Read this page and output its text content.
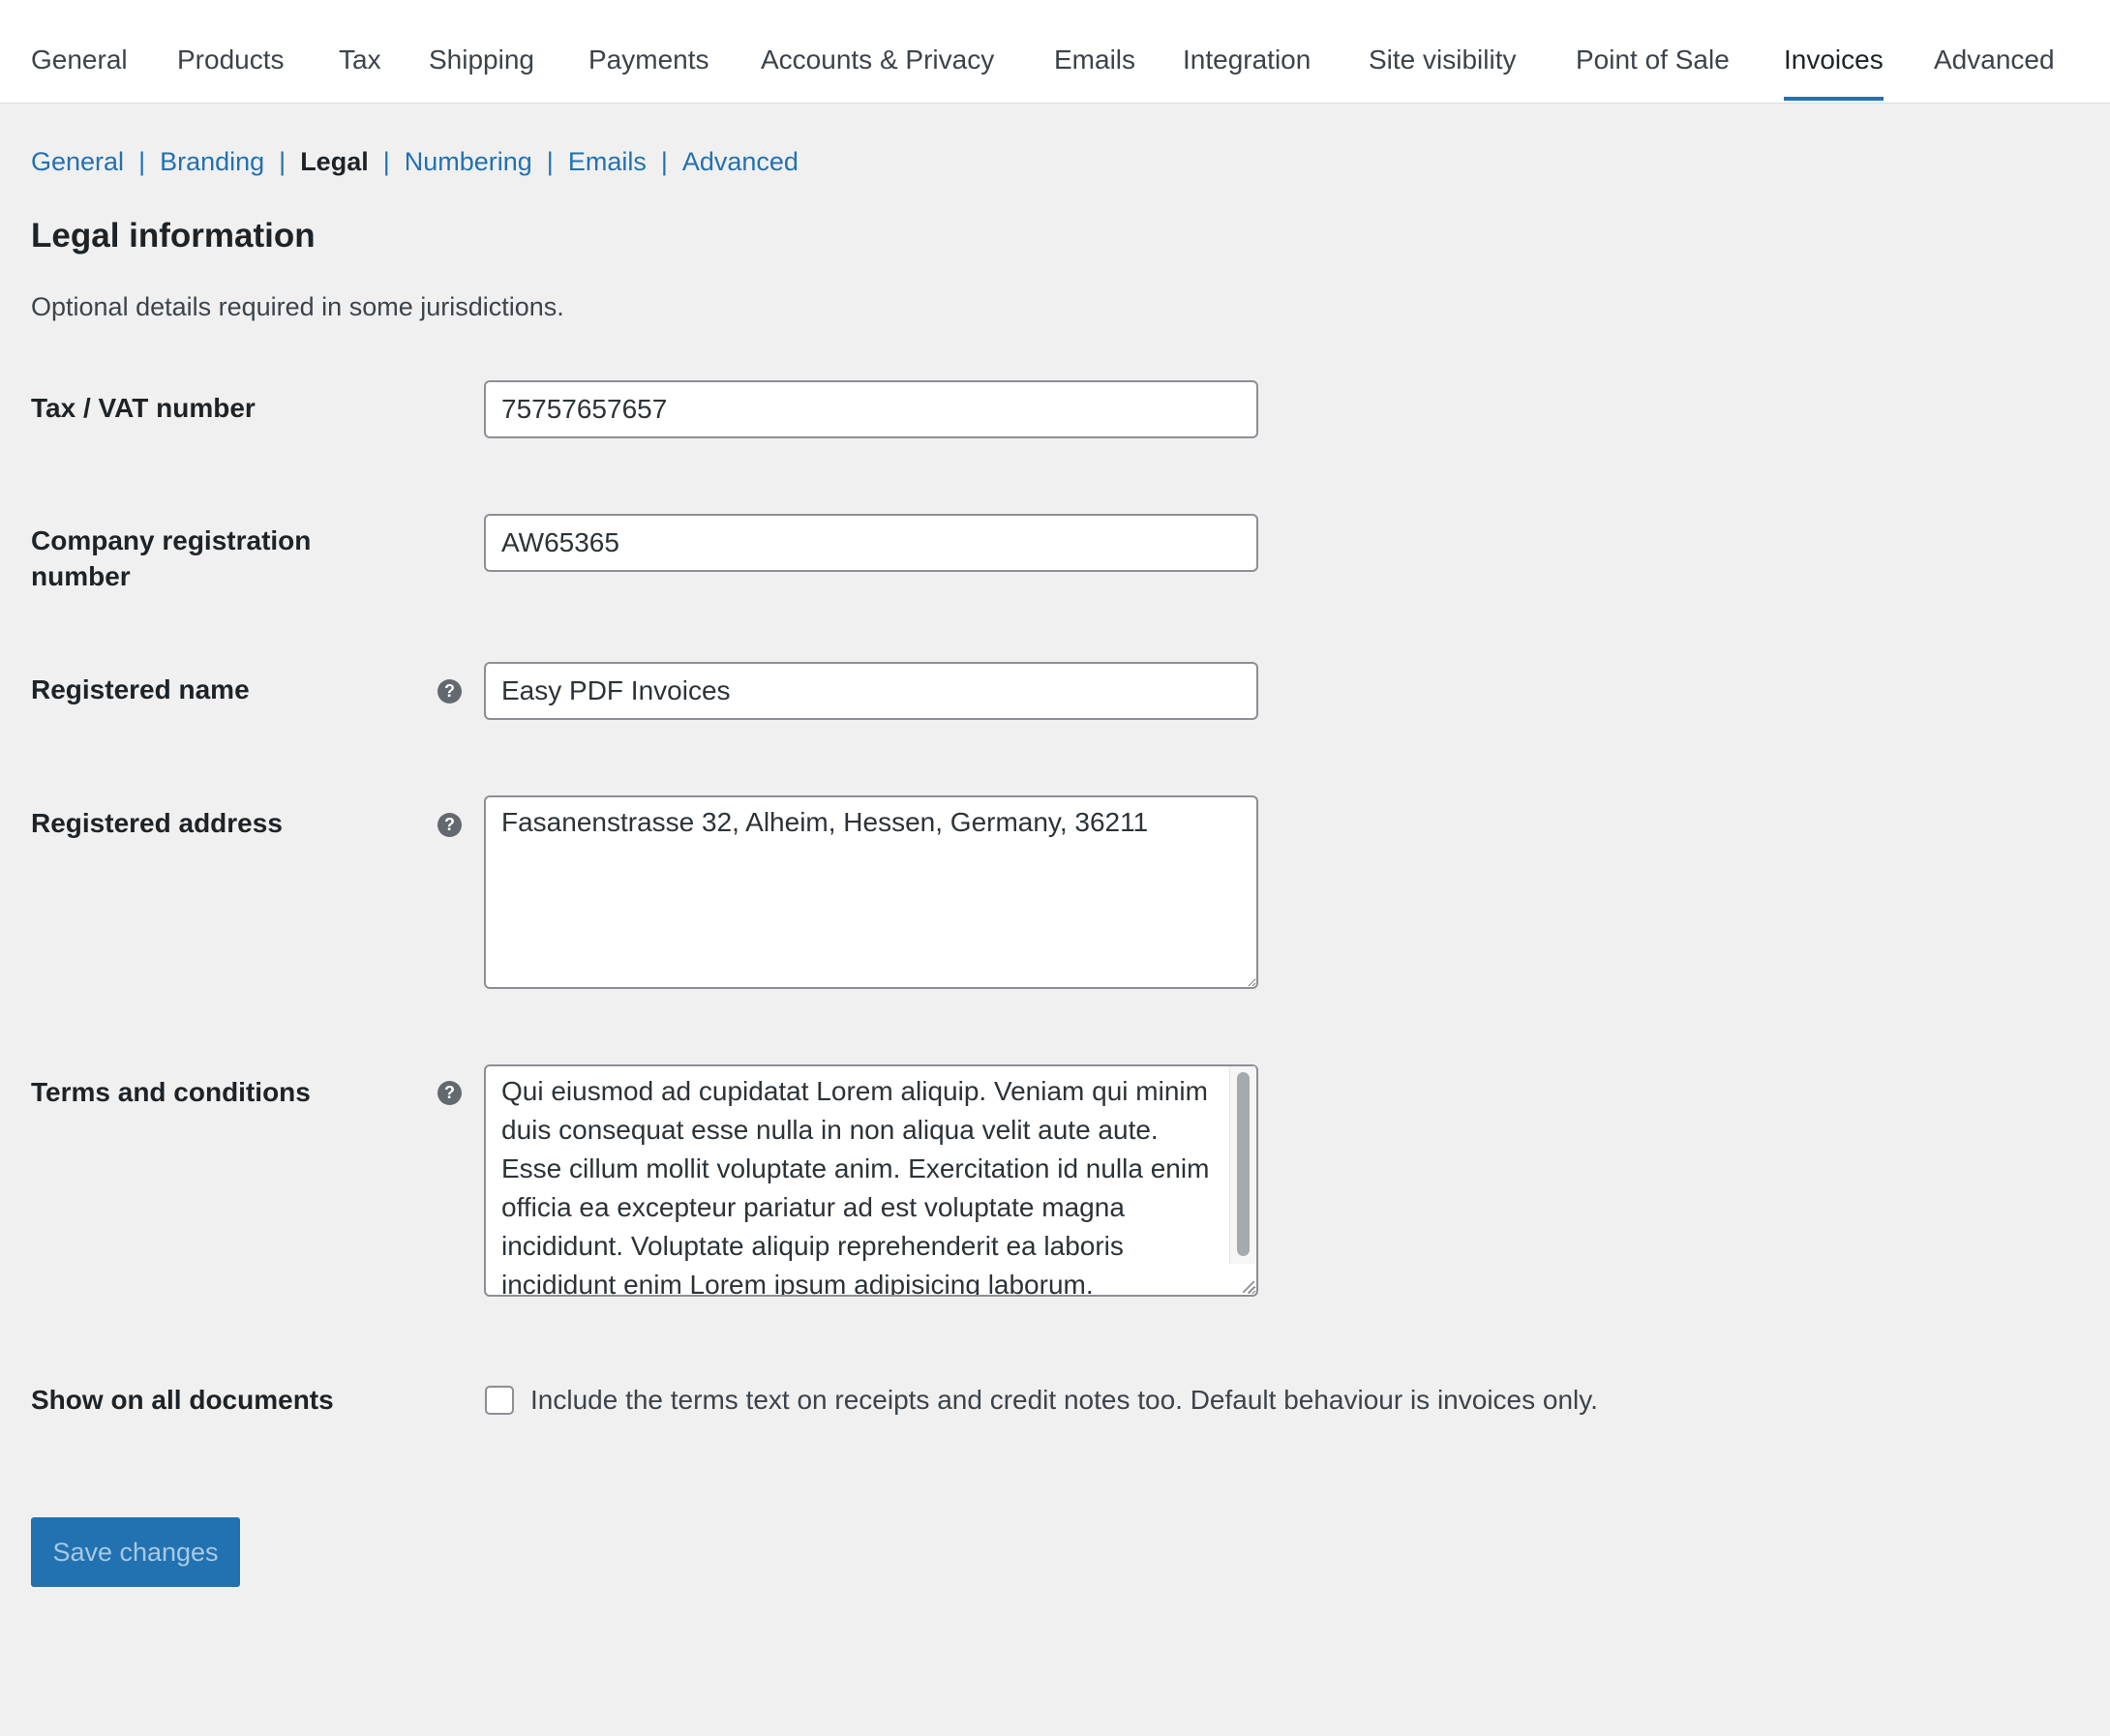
General Products Tax Shipping Payments Accounts & Privacy Emails Integration Site visibility Point of Sale Invoices Advanced
General | Branding | Legal | Numbering | Emails | Advanced
Legal information
Optional details required in some jurisdictions.
Tax / VAT number
75757657657
Company registration number
AW65365
Registered name	?
Easy PDF Invoices
Registered address	?
Fasanenstrasse 32, Alheim, Hessen, Germany, 36211
Terms and conditions	?
Qui eiusmod ad cupidatat Lorem aliquip. Veniam qui minim duis consequat esse nulla in non aliqua velit aute aute. Esse cillum mollit voluptate anim. Exercitation id nulla enim officia ea excepteur pariatur ad est voluptate magna incididunt. Voluptate aliquip reprehenderit ea laboris incididunt enim Lorem ipsum adipisicing laborum.
Show on all documents	Include the terms text on receipts and credit notes too. Default behaviour is invoices only.
Save changes
